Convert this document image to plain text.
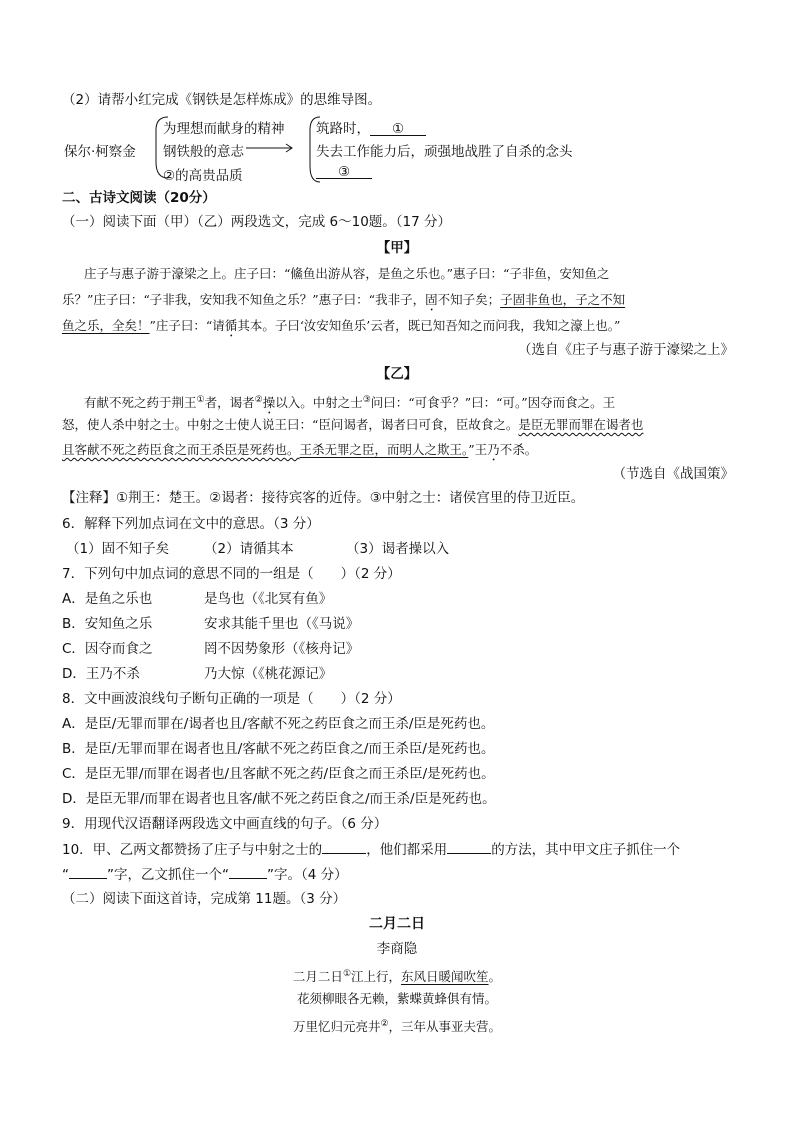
（2）请帮小红完成《钢铁是怎样炼成》的思维导图。
保尔·柯察金
为理想而献身的精神
钢铁般的意志
②的高贵品质
筑路时， ①
失去工作能力后，顽强地战胜了自杀的念头
③
二、古诗文阅读（20分）
（一）阅读下面（甲）（乙）两段选文，完成 6～10题。（17 分）
【甲】
庄子与惠子游于濠梁之上。庄子曰：“鯈鱼出游从容，是鱼之乐也。”惠子曰：“子非鱼，安知鱼之
乐？”庄子曰：“子非我，安知我不知鱼之乐？”惠子曰：“我非子，固不知子矣；子固非鱼也，子之不知
鱼之乐，全矣！”庄子曰：“请循其本。子曰‘汝安知鱼乐’云者，既已知吾知之而问我，我知之濠上也。”
（选自《庄子与惠子游于濠梁之上》
【乙】
有献不死之药于荆王①者，谒者②操以入。中射之士③问曰：“可食乎？”曰：“可。”因夺而食之。王
怒，使人杀中射之士。中射之士使人说王曰：“臣问谒者，谒者曰可食，臣故食之。是臣无罪而罪在谒者也
且客献不死之药臣食之而王杀臣是死药也。王杀无罪之臣，而明人之欺王。”王乃不杀。
（节选自《战国策》
【注释】①荆王：楚王。②谒者：接待宾客的近侍。③中射之士：诸侯宫里的侍卫近臣。
6．解释下列加点词在文中的意思。（3 分）
（1）固不知子矣	（2）请循其本	（3）谒者操以入
7．下列句中加点词的意思不同的一组是（　　）（2 分）
A．是鱼之乐也	是鸟也（《北冥有鱼》
B．安知鱼之乐	安求其能千里也（《马说》
C．因夺而食之	罔不因势象形（《核舟记》
D．王乃不杀	乃大惊（《桃花源记》
8．文中画波浪线句子断句正确的一项是（　　）（2 分）
A．是臣/无罪而罪在/谒者也且/客献不死之药臣食之而王杀/臣是死药也。
B．是臣/无罪而罪在谒者也且/客献不死之药臣食之/而王杀臣/是死药也。
C．是臣无罪/而罪在谒者也/且客献不死之药/臣食之而王杀臣/是死药也。
D．是臣无罪/而罪在谒者也且客/献不死之药臣食之/而王杀/臣是死药也。
9．用现代汉语翻译两段选文中画直线的句子。（6 分）
10．甲、乙两文都赞扬了庄子与中射之士的	，他们都采用	的方法，其中甲文庄子抓住一个
“	”字，乙文抓住一个“	”字。（4 分）
（二）阅读下面这首诗，完成第 11题。（3 分）
二月二日
李商隐
二月二日①江上行，东风日暖闻吹笙。
花须柳眼各无赖，紫蝶黄蜂俱有情。
万里忆归元亮井②，三年从事亚夫营。
